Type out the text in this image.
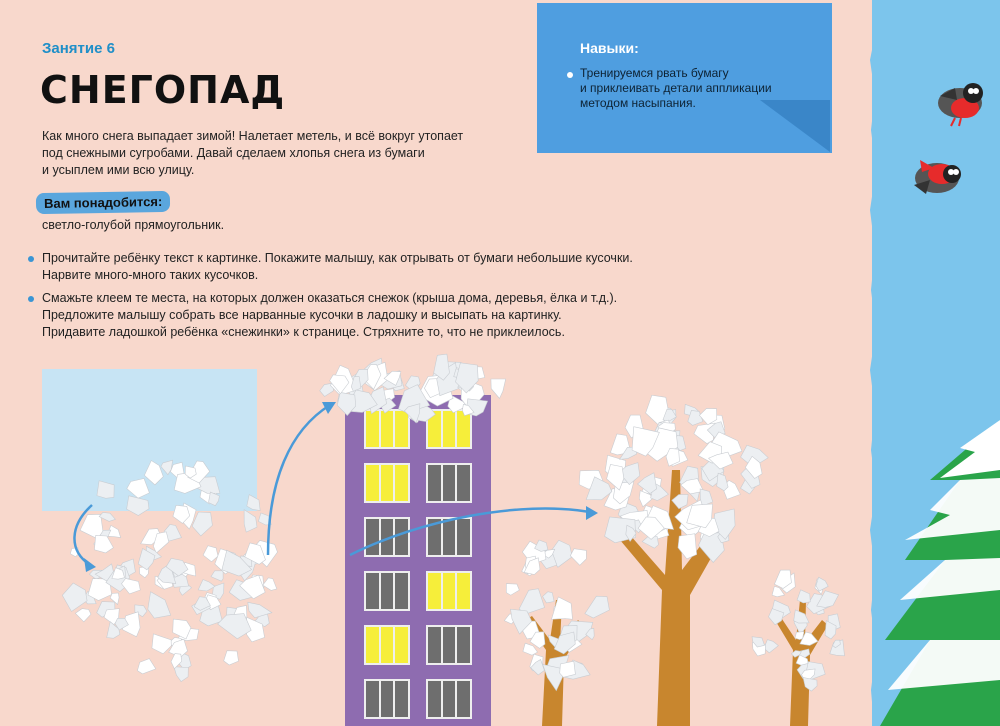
Занятие 6
СНЕГОПАД

Как много снега выпадает зимой! Налетает метель, и всё вокруг утопает

под снежными сугробами. Давай сделаем хлопья снега из бумаги

и усыплем ими всю улицу.

Вам понадобится:
светло-голубой прямоугольник.

Прочитайте ребёнку текст к картинке. Покажите малышу, как отрывать от бумаги небольшие кусочки.

Нарвите много-много таких кусочков.

Смажьте клеем те места, на которых должен оказаться снежок (крыша дома, деревья, ёлка и т.д.).

Предложите малышу собрать все нарванные кусочки в ладошку и высыпать на картинку.

Придавите ладошкой ребёнка «снежинки» к странице. Стряхните то, что не приклеилось.

Навыки:

Тренируемся рвать бумагу

и приклеивать детали аппликации

методом насыпания.
